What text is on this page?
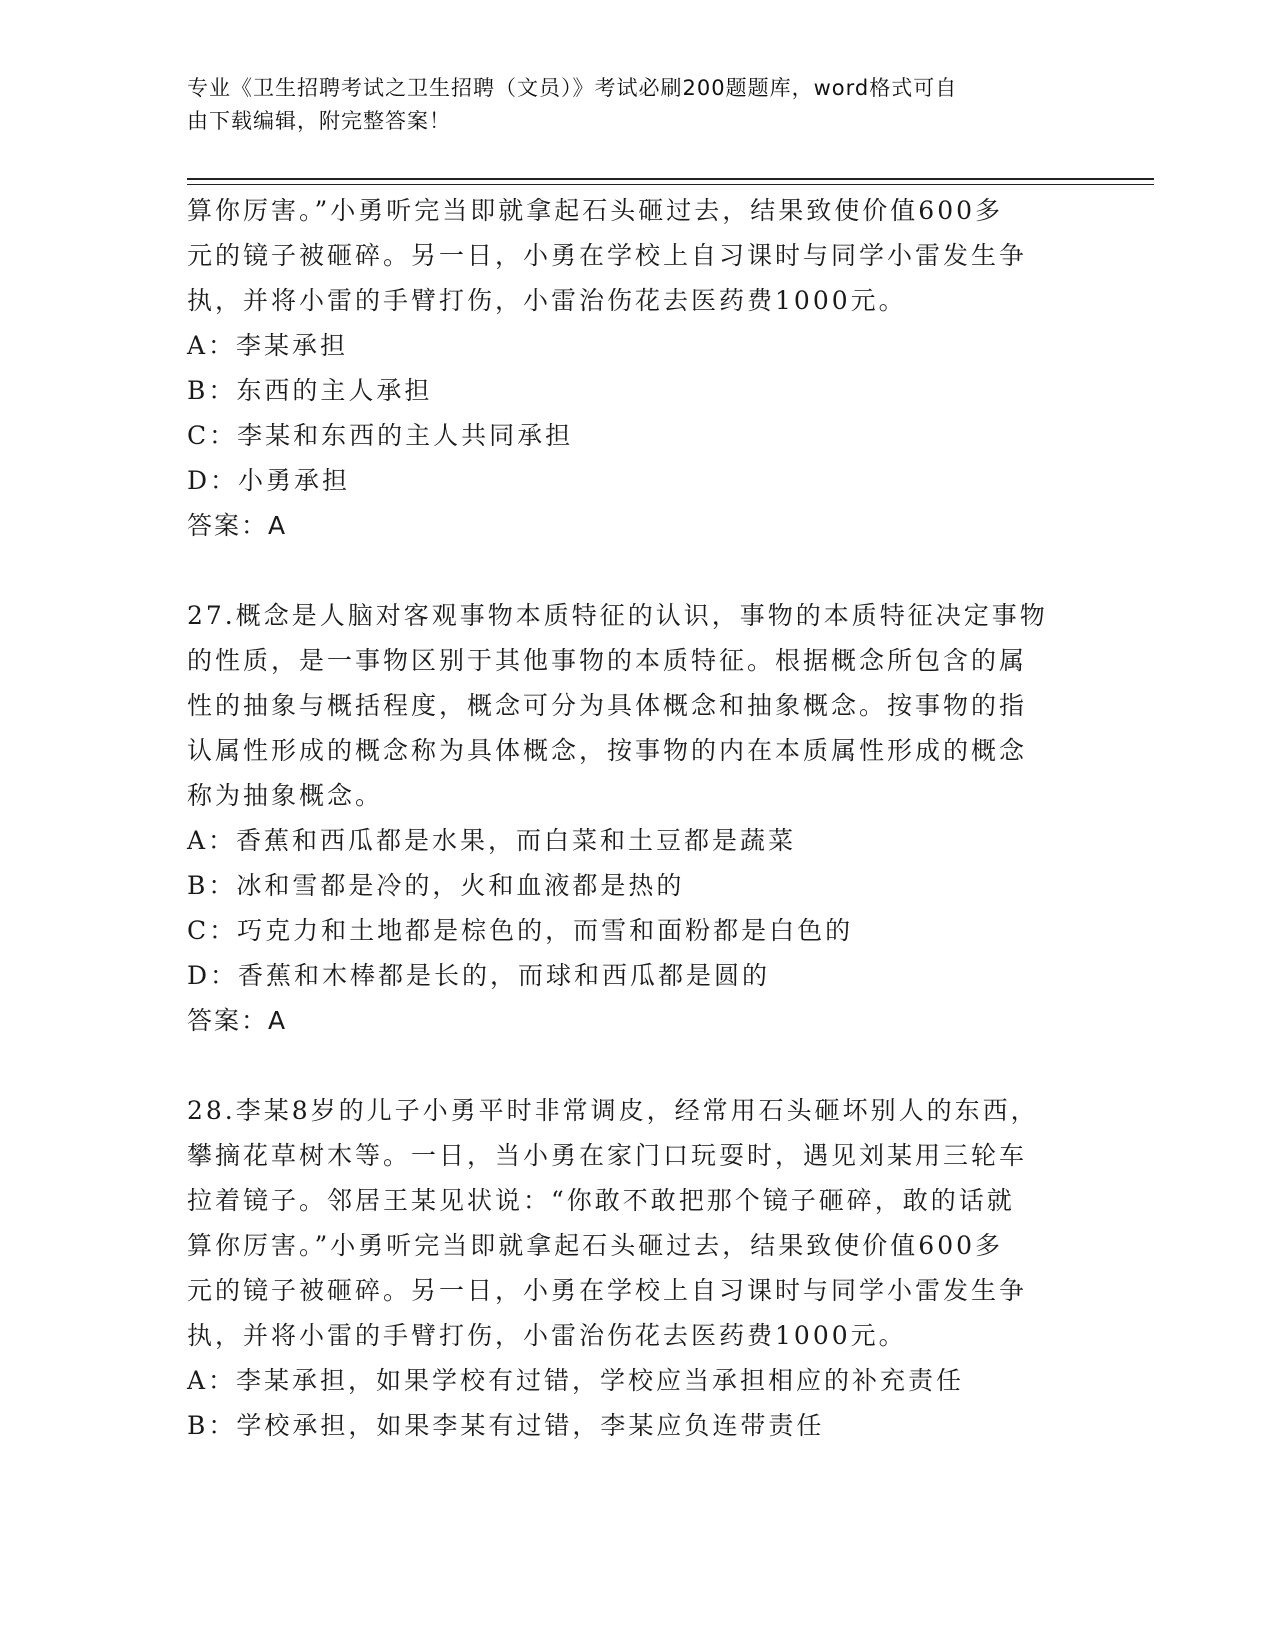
专业《卫生招聘考试之卫生招聘（文员）》考试必刷200题题库，word格式可自
由下载编辑，附完整答案！

算你厉害。”小勇听完当即就拿起石头砸过去，结果致使价值600多

元的镜子被砸碎。另一日，小勇在学校上自习课时与同学小雷发生争

执，并将小雷的手臂打伤，小雷治伤花去医药费1000元。

A：李某承担

B：东西的主人承担

C：李某和东西的主人共同承担

D：小勇承担

答案：A

27.概念是人脑对客观事物本质特征的认识，事物的本质特征决定事物

的性质，是一事物区别于其他事物的本质特征。根据概念所包含的属

性的抽象与概括程度，概念可分为具体概念和抽象概念。按事物的指

认属性形成的概念称为具体概念，按事物的内在本质属性形成的概念

称为抽象概念。

A：香蕉和西瓜都是水果，而白菜和土豆都是蔬菜

B：冰和雪都是冷的，火和血液都是热的

C：巧克力和土地都是棕色的，而雪和面粉都是白色的

D：香蕉和木棒都是长的，而球和西瓜都是圆的

答案：A

28.李某8岁的儿子小勇平时非常调皮，经常用石头砸坏别人的东西，

攀摘花草树木等。一日，当小勇在家门口玩耍时，遇见刘某用三轮车

拉着镜子。邻居王某见状说：“你敢不敢把那个镜子砸碎，敢的话就

算你厉害。”小勇听完当即就拿起石头砸过去，结果致使价值600多

元的镜子被砸碎。另一日，小勇在学校上自习课时与同学小雷发生争

执，并将小雷的手臂打伤，小雷治伤花去医药费1000元。

A：李某承担，如果学校有过错，学校应当承担相应的补充责任

B：学校承担，如果李某有过错，李某应负连带责任
